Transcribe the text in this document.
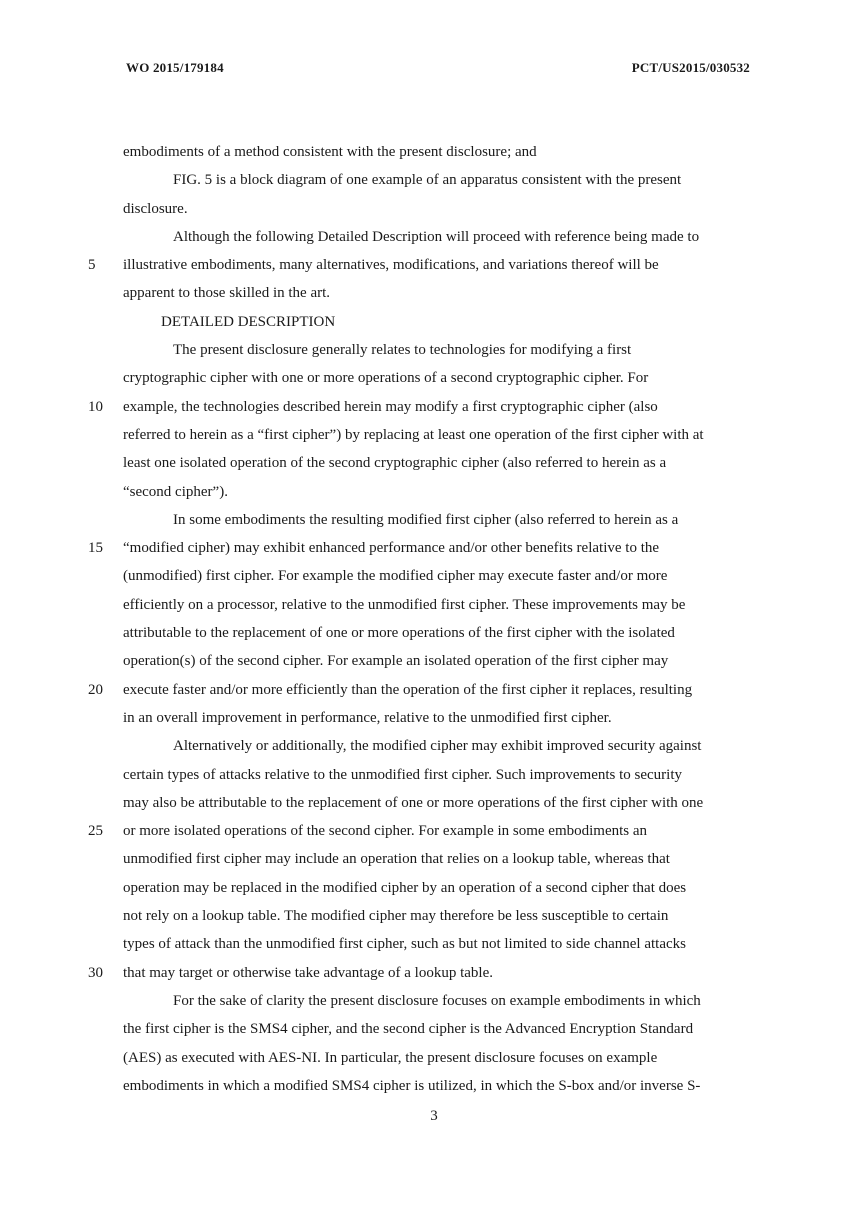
WO 2015/179184	PCT/US2015/030532
embodiments of a method consistent with the present disclosure; and
FIG. 5 is a block diagram of one example of an apparatus consistent with the present
disclosure.
Although the following Detailed Description will proceed with reference being made to
5	illustrative embodiments, many alternatives, modifications, and variations thereof will be
apparent to those skilled in the art.
DETAILED DESCRIPTION
The present disclosure generally relates to technologies for modifying a first
cryptographic cipher with one or more operations of a second cryptographic cipher. For
10 example, the technologies described herein may modify a first cryptographic cipher (also
referred to herein as a “first cipher”) by replacing at least one operation of the first cipher with at
least one isolated operation of the second cryptographic cipher (also referred to herein as a
“second cipher”).
In some embodiments the resulting modified first cipher (also referred to herein as a
15 “modified cipher) may exhibit enhanced performance and/or other benefits relative to the
(unmodified) first cipher. For example the modified cipher may execute faster and/or more
efficiently on a processor, relative to the unmodified first cipher. These improvements may be
attributable to the replacement of one or more operations of the first cipher with the isolated
operation(s) of the second cipher. For example an isolated operation of the first cipher may
20 execute faster and/or more efficiently than the operation of the first cipher it replaces, resulting
in an overall improvement in performance, relative to the unmodified first cipher.
Alternatively or additionally, the modified cipher may exhibit improved security against
certain types of attacks relative to the unmodified first cipher. Such improvements to security
may also be attributable to the replacement of one or more operations of the first cipher with one
25 or more isolated operations of the second cipher. For example in some embodiments an
unmodified first cipher may include an operation that relies on a lookup table, whereas that
operation may be replaced in the modified cipher by an operation of a second cipher that does
not rely on a lookup table. The modified cipher may therefore be less susceptible to certain
types of attack than the unmodified first cipher, such as but not limited to side channel attacks
30 that may target or otherwise take advantage of a lookup table.
For the sake of clarity the present disclosure focuses on example embodiments in which
the first cipher is the SMS4 cipher, and the second cipher is the Advanced Encryption Standard
(AES) as executed with AES-NI. In particular, the present disclosure focuses on example
embodiments in which a modified SMS4 cipher is utilized, in which the S-box and/or inverse S-
3
